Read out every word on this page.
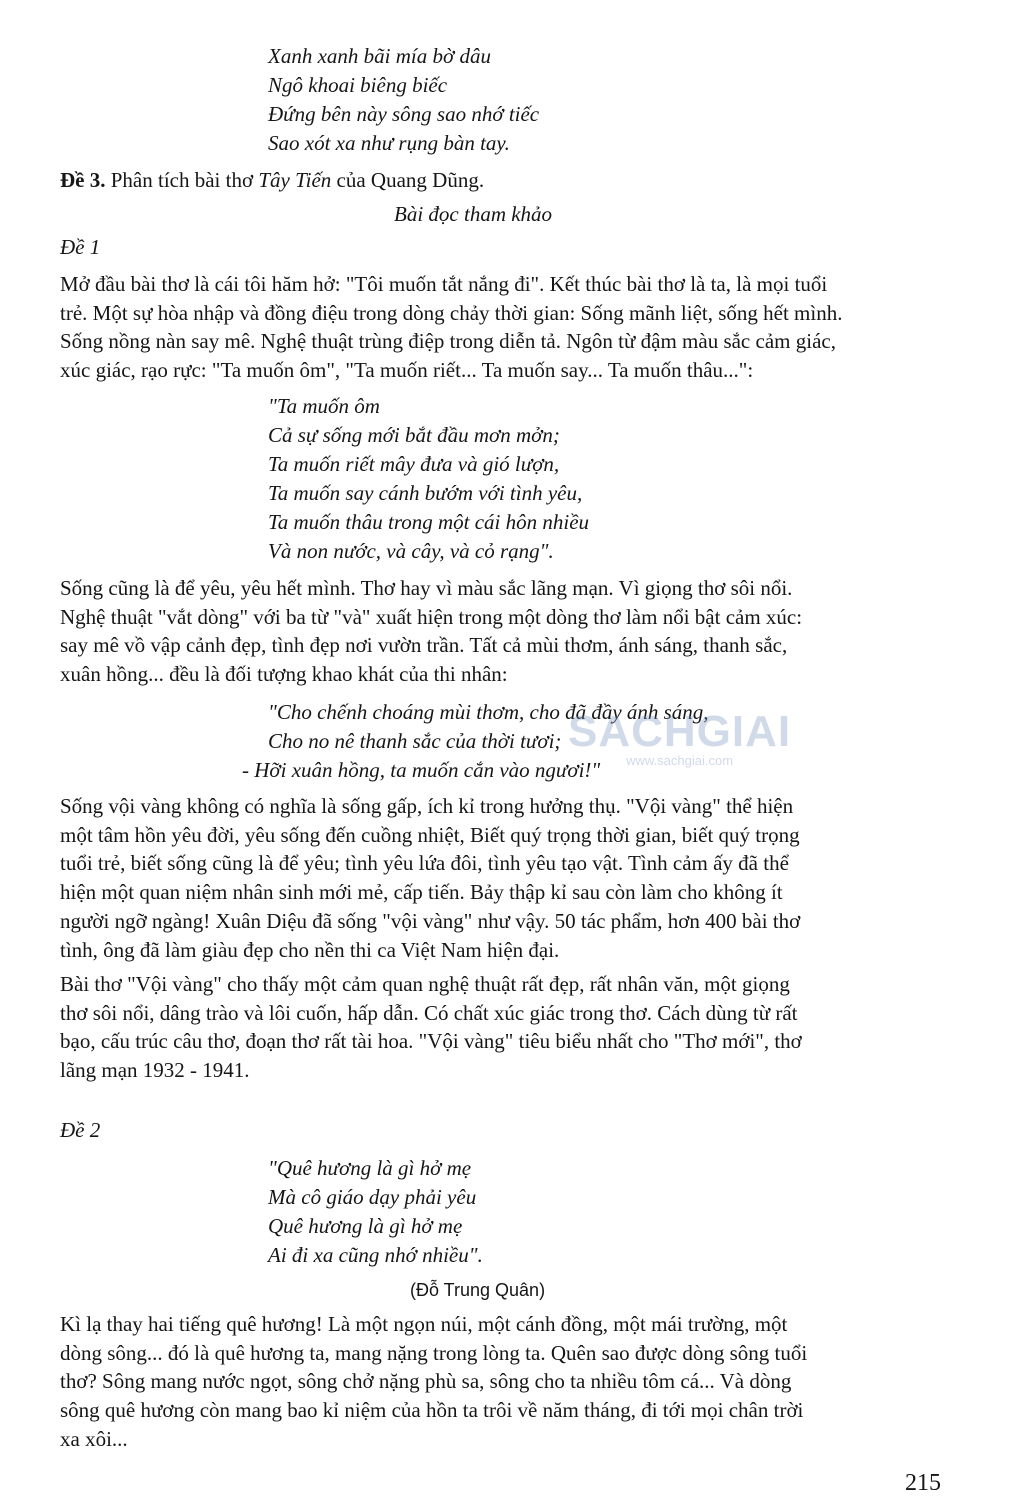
Xanh xanh bãi mía bờ dâu
Ngô khoai biêng biếc
Đứng bên này sông sao nhớ tiếc
Sao xót xa như rụng bàn tay.
Đề 3. Phân tích bài thơ Tây Tiến của Quang Dũng.
Bài đọc tham khảo
Đề 1
Mở đầu bài thơ là cái tôi hăm hở: "Tôi muốn tắt nắng đi". Kết thúc bài thơ là ta, là mọi tuổi
trẻ. Một sự hòa nhập và đồng điệu trong dòng chảy thời gian: Sống mãnh liệt, sống hết mình.
Sống nồng nàn say mê. Nghệ thuật trùng điệp trong diễn tả. Ngôn từ đậm màu sắc cảm giác,
xúc giác, rạo rực: "Ta muốn ôm", "Ta muốn riết... Ta muốn say... Ta muốn thâu...":
"Ta muốn ôm
Cả sự sống mới bắt đầu mơn mởn;
Ta muốn riết mây đưa và gió lượn,
Ta muốn say cánh bướm với tình yêu,
Ta muốn thâu trong một cái hôn nhiều
Và non nước, và cây, và cỏ rạng".
Sống cũng là để yêu, yêu hết mình. Thơ hay vì màu sắc lãng mạn. Vì giọng thơ sôi nổi.
Nghệ thuật "vắt dòng" với ba từ "và" xuất hiện trong một dòng thơ làm nổi bật cảm xúc:
say mê vồ vập cảnh đẹp, tình đẹp nơi vườn trần. Tất cả mùi thơm, ánh sáng, thanh sắc,
xuân hồng... đều là đối tượng khao khát của thi nhân:
"Cho chếnh choáng mùi thơm, cho đã đầy ánh sáng,
Cho no nê thanh sắc của thời tươi;
- Hỡi xuân hồng, ta muốn cắn vào ngươi!"
Sống vội vàng không có nghĩa là sống gấp, ích kỉ trong hưởng thụ. "Vội vàng" thể hiện
một tâm hồn yêu đời, yêu sống đến cuồng nhiệt, Biết quý trọng thời gian, biết quý trọng
tuổi trẻ, biết sống cũng là để yêu; tình yêu lứa đôi, tình yêu tạo vật. Tình cảm ấy đã thể
hiện một quan niệm nhân sinh mới mẻ, cấp tiến. Bảy thập kỉ sau còn làm cho không ít
người ngỡ ngàng! Xuân Diệu đã sống "vội vàng" như vậy. 50 tác phẩm, hơn 400 bài thơ
tình, ông đã làm giàu đẹp cho nền thi ca Việt Nam hiện đại.
Bài thơ "Vội vàng" cho thấy một cảm quan nghệ thuật rất đẹp, rất nhân văn, một giọng
thơ sôi nổi, dâng trào và lôi cuốn, hấp dẫn. Có chất xúc giác trong thơ. Cách dùng từ rất
bạo, cấu trúc câu thơ, đoạn thơ rất tài hoa. "Vội vàng" tiêu biểu nhất cho "Thơ mới", thơ
lãng mạn 1932 - 1941.
Đề 2
"Quê hương là gì hở mẹ
Mà cô giáo dạy phải yêu
Quê hương là gì hở mẹ
Ai đi xa cũng nhớ nhiều".
(Đỗ Trung Quân)
Kì lạ thay hai tiếng quê hương! Là một ngọn núi, một cánh đồng, một mái trường, một
dòng sông... đó là quê hương ta, mang nặng trong lòng ta. Quên sao được dòng sông tuổi
thơ? Sông mang nước ngọt, sông chở nặng phù sa, sông cho ta nhiều tôm cá... Và dòng
sông quê hương còn mang bao kỉ niệm của hồn ta trôi về năm tháng, đi tới mọi chân trời
xa xôi...
SACHGIAI
www.sachgiai.com
215
